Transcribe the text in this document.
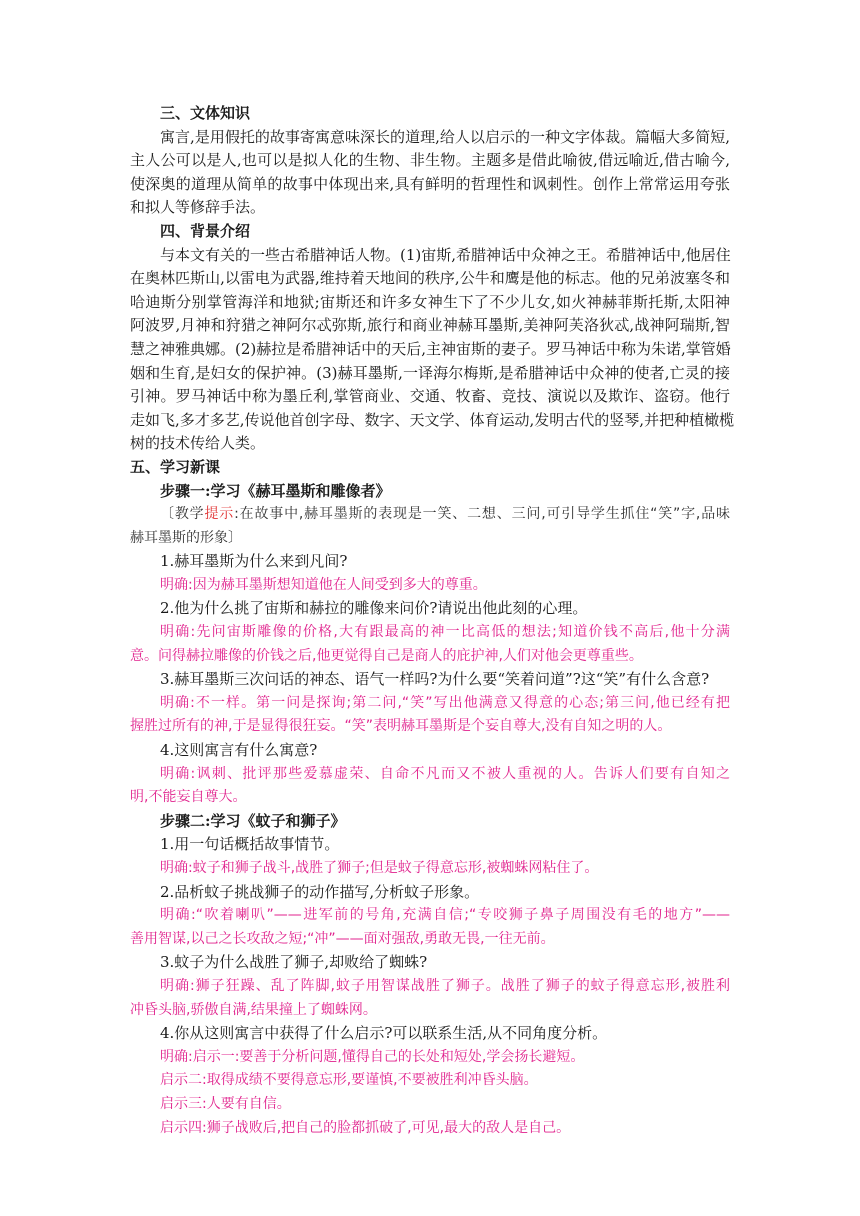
三、文体知识

寓言,是用假托的故事寄寓意味深长的道理,给人以启示的一种文字体裁。篇幅大多简短,

主人公可以是人,也可以是拟人化的生物、非生物。主题多是借此喻彼,借远喻近,借古喻今,

使深奥的道理从简单的故事中体现出来,具有鲜明的哲理性和讽刺性。创作上常常运用夸张

和拟人等修辞手法。

四、背景介绍

与本文有关的一些古希腊神话人物。(1)宙斯,希腊神话中众神之王。希腊神话中,他居住

在奥林匹斯山,以雷电为武器,维持着天地间的秩序,公牛和鹰是他的标志。他的兄弟波塞冬和

哈迪斯分别掌管海洋和地狱;宙斯还和许多女神生下了不少儿女,如火神赫菲斯托斯,太阳神

阿波罗,月神和狩猎之神阿尔忒弥斯,旅行和商业神赫耳墨斯,美神阿芙洛狄忒,战神阿瑞斯,智

慧之神雅典娜。(2)赫拉是希腊神话中的天后,主神宙斯的妻子。罗马神话中称为朱诺,掌管婚

姻和生育,是妇女的保护神。(3)赫耳墨斯,一译海尔梅斯,是希腊神话中众神的使者,亡灵的接

引神。罗马神话中称为墨丘利,掌管商业、交通、牧畜、竞技、演说以及欺诈、盗窃。他行

走如飞,多才多艺,传说他首创字母、数字、天文学、体育运动,发明古代的竖琴,并把种植橄榄

树的技术传给人类。

五、学习新课

步骤一:学习《赫耳墨斯和雕像者》

〔教学提示:在故事中,赫耳墨斯的表现是一笑、二想、三问,可引导学生抓住“笑”字,品味

赫耳墨斯的形象〕

1.赫耳墨斯为什么来到凡间?

明确:因为赫耳墨斯想知道他在人间受到多大的尊重。

2.他为什么挑了宙斯和赫拉的雕像来问价?请说出他此刻的心理。

明确:先问宙斯雕像的价格,大有跟最高的神一比高低的想法;知道价钱不高后,他十分满

意。问得赫拉雕像的价钱之后,他更觉得自己是商人的庇护神,人们对他会更尊重些。

3.赫耳墨斯三次问话的神态、语气一样吗?为什么要“笑着问道”?这“笑”有什么含意?

明确:不一样。第一问是探询;第二问,“笑”写出他满意又得意的心态;第三问,他已经有把

握胜过所有的神,于是显得很狂妄。“笑”表明赫耳墨斯是个妄自尊大,没有自知之明的人。

4.这则寓言有什么寓意?

明确:讽刺、批评那些爱慕虚荣、自命不凡而又不被人重视的人。告诉人们要有自知之

明,不能妄自尊大。

步骤二:学习《蚊子和狮子》

1.用一句话概括故事情节。

明确:蚊子和狮子战斗,战胜了狮子;但是蚊子得意忘形,被蜘蛛网粘住了。

2.品析蚊子挑战狮子的动作描写,分析蚊子形象。

明确:“吹着喇叭”——进军前的号角,充满自信;“专咬狮子鼻子周围没有毛的地方”——

善用智谋,以己之长攻敌之短;“冲”——面对强敌,勇敢无畏,一往无前。

3.蚊子为什么战胜了狮子,却败给了蜘蛛?

明确:狮子狂躁、乱了阵脚,蚊子用智谋战胜了狮子。战胜了狮子的蚊子得意忘形,被胜利

冲昏头脑,骄傲自满,结果撞上了蜘蛛网。

4.你从这则寓言中获得了什么启示?可以联系生活,从不同角度分析。

明确:启示一:要善于分析问题,懂得自己的长处和短处,学会扬长避短。

启示二:取得成绩不要得意忘形,要谨慎,不要被胜利冲昏头脑。

启示三:人要有自信。

启示四:狮子战败后,把自己的脸都抓破了,可见,最大的敌人是自己。
